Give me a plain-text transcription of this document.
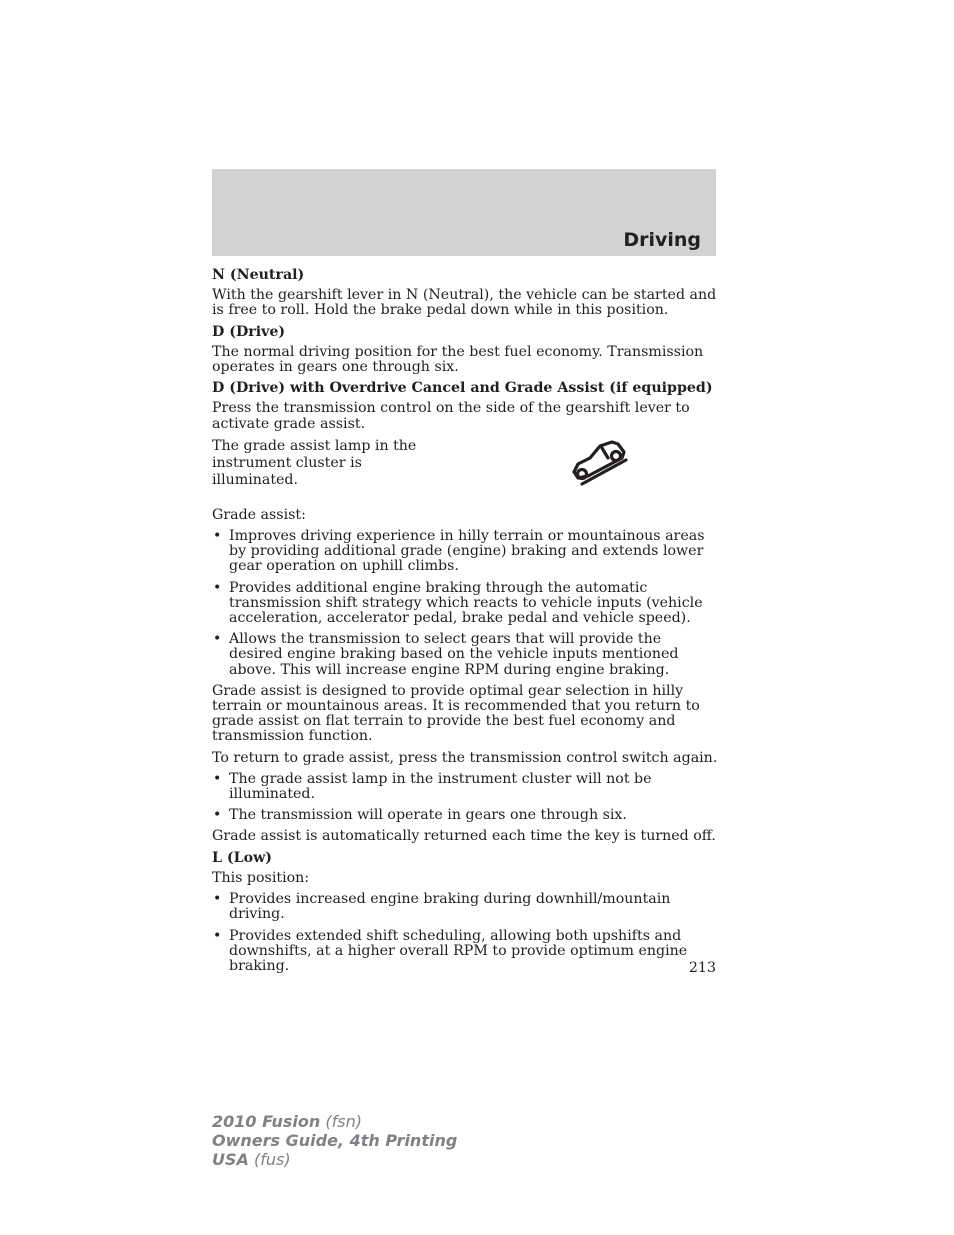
Driving

N (Neutral)

With the gearshift lever in N (Neutral), the vehicle can be started and is free to roll. Hold the brake pedal down while in this position.

D (Drive)

The normal driving position for the best fuel economy. Transmission operates in gears one through six.

D (Drive) with Overdrive Cancel and Grade Assist (if equipped)

Press the transmission control on the side of the gearshift lever to activate grade assist.

The grade assist lamp in the instrument cluster is illuminated.

Grade assist:

• Improves driving experience in hilly terrain or mountainous areas by providing additional grade (engine) braking and extends lower gear operation on uphill climbs.
• Provides additional engine braking through the automatic transmission shift strategy which reacts to vehicle inputs (vehicle acceleration, accelerator pedal, brake pedal and vehicle speed).
• Allows the transmission to select gears that will provide the desired engine braking based on the vehicle inputs mentioned above. This will increase engine RPM during engine braking.

Grade assist is designed to provide optimal gear selection in hilly terrain or mountainous areas. It is recommended that you return to grade assist on flat terrain to provide the best fuel economy and transmission function.

To return to grade assist, press the transmission control switch again.

• The grade assist lamp in the instrument cluster will not be illuminated.
• The transmission will operate in gears one through six.

Grade assist is automatically returned each time the key is turned off.

L (Low)

This position:

• Provides increased engine braking during downhill/mountain driving.
• Provides extended shift scheduling, allowing both upshifts and downshifts, at a higher overall RPM to provide optimum engine braking.	213
2010 Fusion (fsn)
Owners Guide, 4th Printing
USA (fus)
